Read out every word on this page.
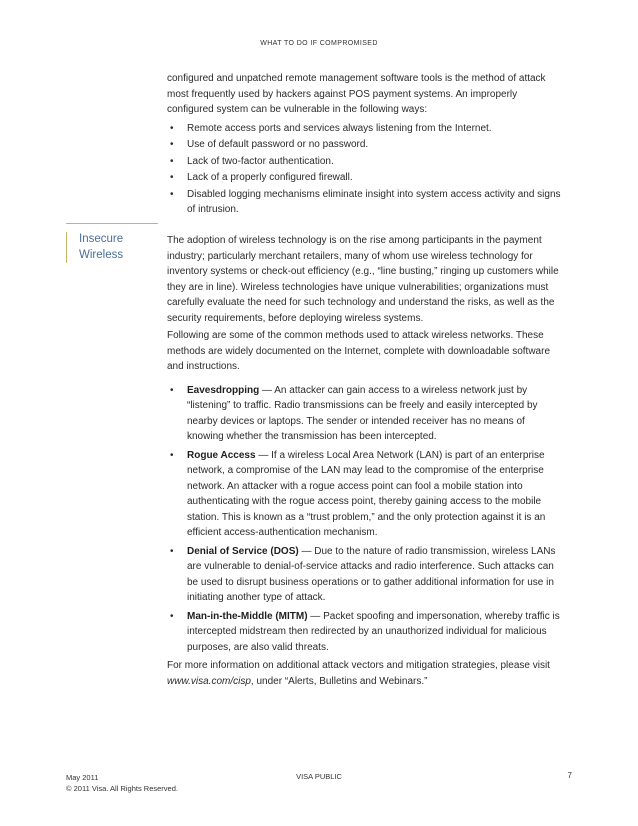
WHAT TO DO IF COMPROMISED

configured and unpatched remote management software tools is the method of attack most frequently used by hackers against POS payment systems. An improperly configured system can be vulnerable in the following ways:

• Remote access ports and services always listening from the Internet.
• Use of default password or no password.
• Lack of two-factor authentication.
• Lack of a properly configured firewall.
• Disabled logging mechanisms eliminate insight into system access activity and signs of intrusion.
Insecure
Wireless

The adoption of wireless technology is on the rise among participants in the payment industry; particularly merchant retailers, many of whom use wireless technology for inventory systems or check-out efficiency (e.g., “line busting,” ringing up customers while they are in line). Wireless technologies have unique vulnerabilities; organizations must carefully evaluate the need for such technology and understand the risks, as well as the security requirements, before deploying wireless systems.

Following are some of the common methods used to attack wireless networks. These methods are widely documented on the Internet, complete with downloadable software and instructions.

• Eavesdropping — An attacker can gain access to a wireless network just by “listening” to traffic. Radio transmissions can be freely and easily intercepted by nearby devices or laptops. The sender or intended receiver has no means of knowing whether the transmission has been intercepted.
• Rogue Access — If a wireless Local Area Network (LAN) is part of an enterprise network, a compromise of the LAN may lead to the compromise of the enterprise network. An attacker with a rogue access point can fool a mobile station into authenticating with the rogue access point, thereby gaining access to the mobile station. This is known as a “trust problem,” and the only protection against it is an efficient access-authentication mechanism.
• Denial of Service (DOS) — Due to the nature of radio transmission, wireless LANs are vulnerable to denial-of-service attacks and radio interference. Such attacks can be used to disrupt business operations or to gather additional information for use in initiating another type of attack.
• Man-in-the-Middle (MITM) — Packet spoofing and impersonation, whereby traffic is intercepted midstream then redirected by an unauthorized individual for malicious purposes, are also valid threats.

For more information on additional attack vectors and mitigation strategies, please visit www.visa.com/cisp, under “Alerts, Bulletins and Webinars.”

May 2011
© 2011 Visa. All Rights Reserved.
VISA PUBLIC	7
